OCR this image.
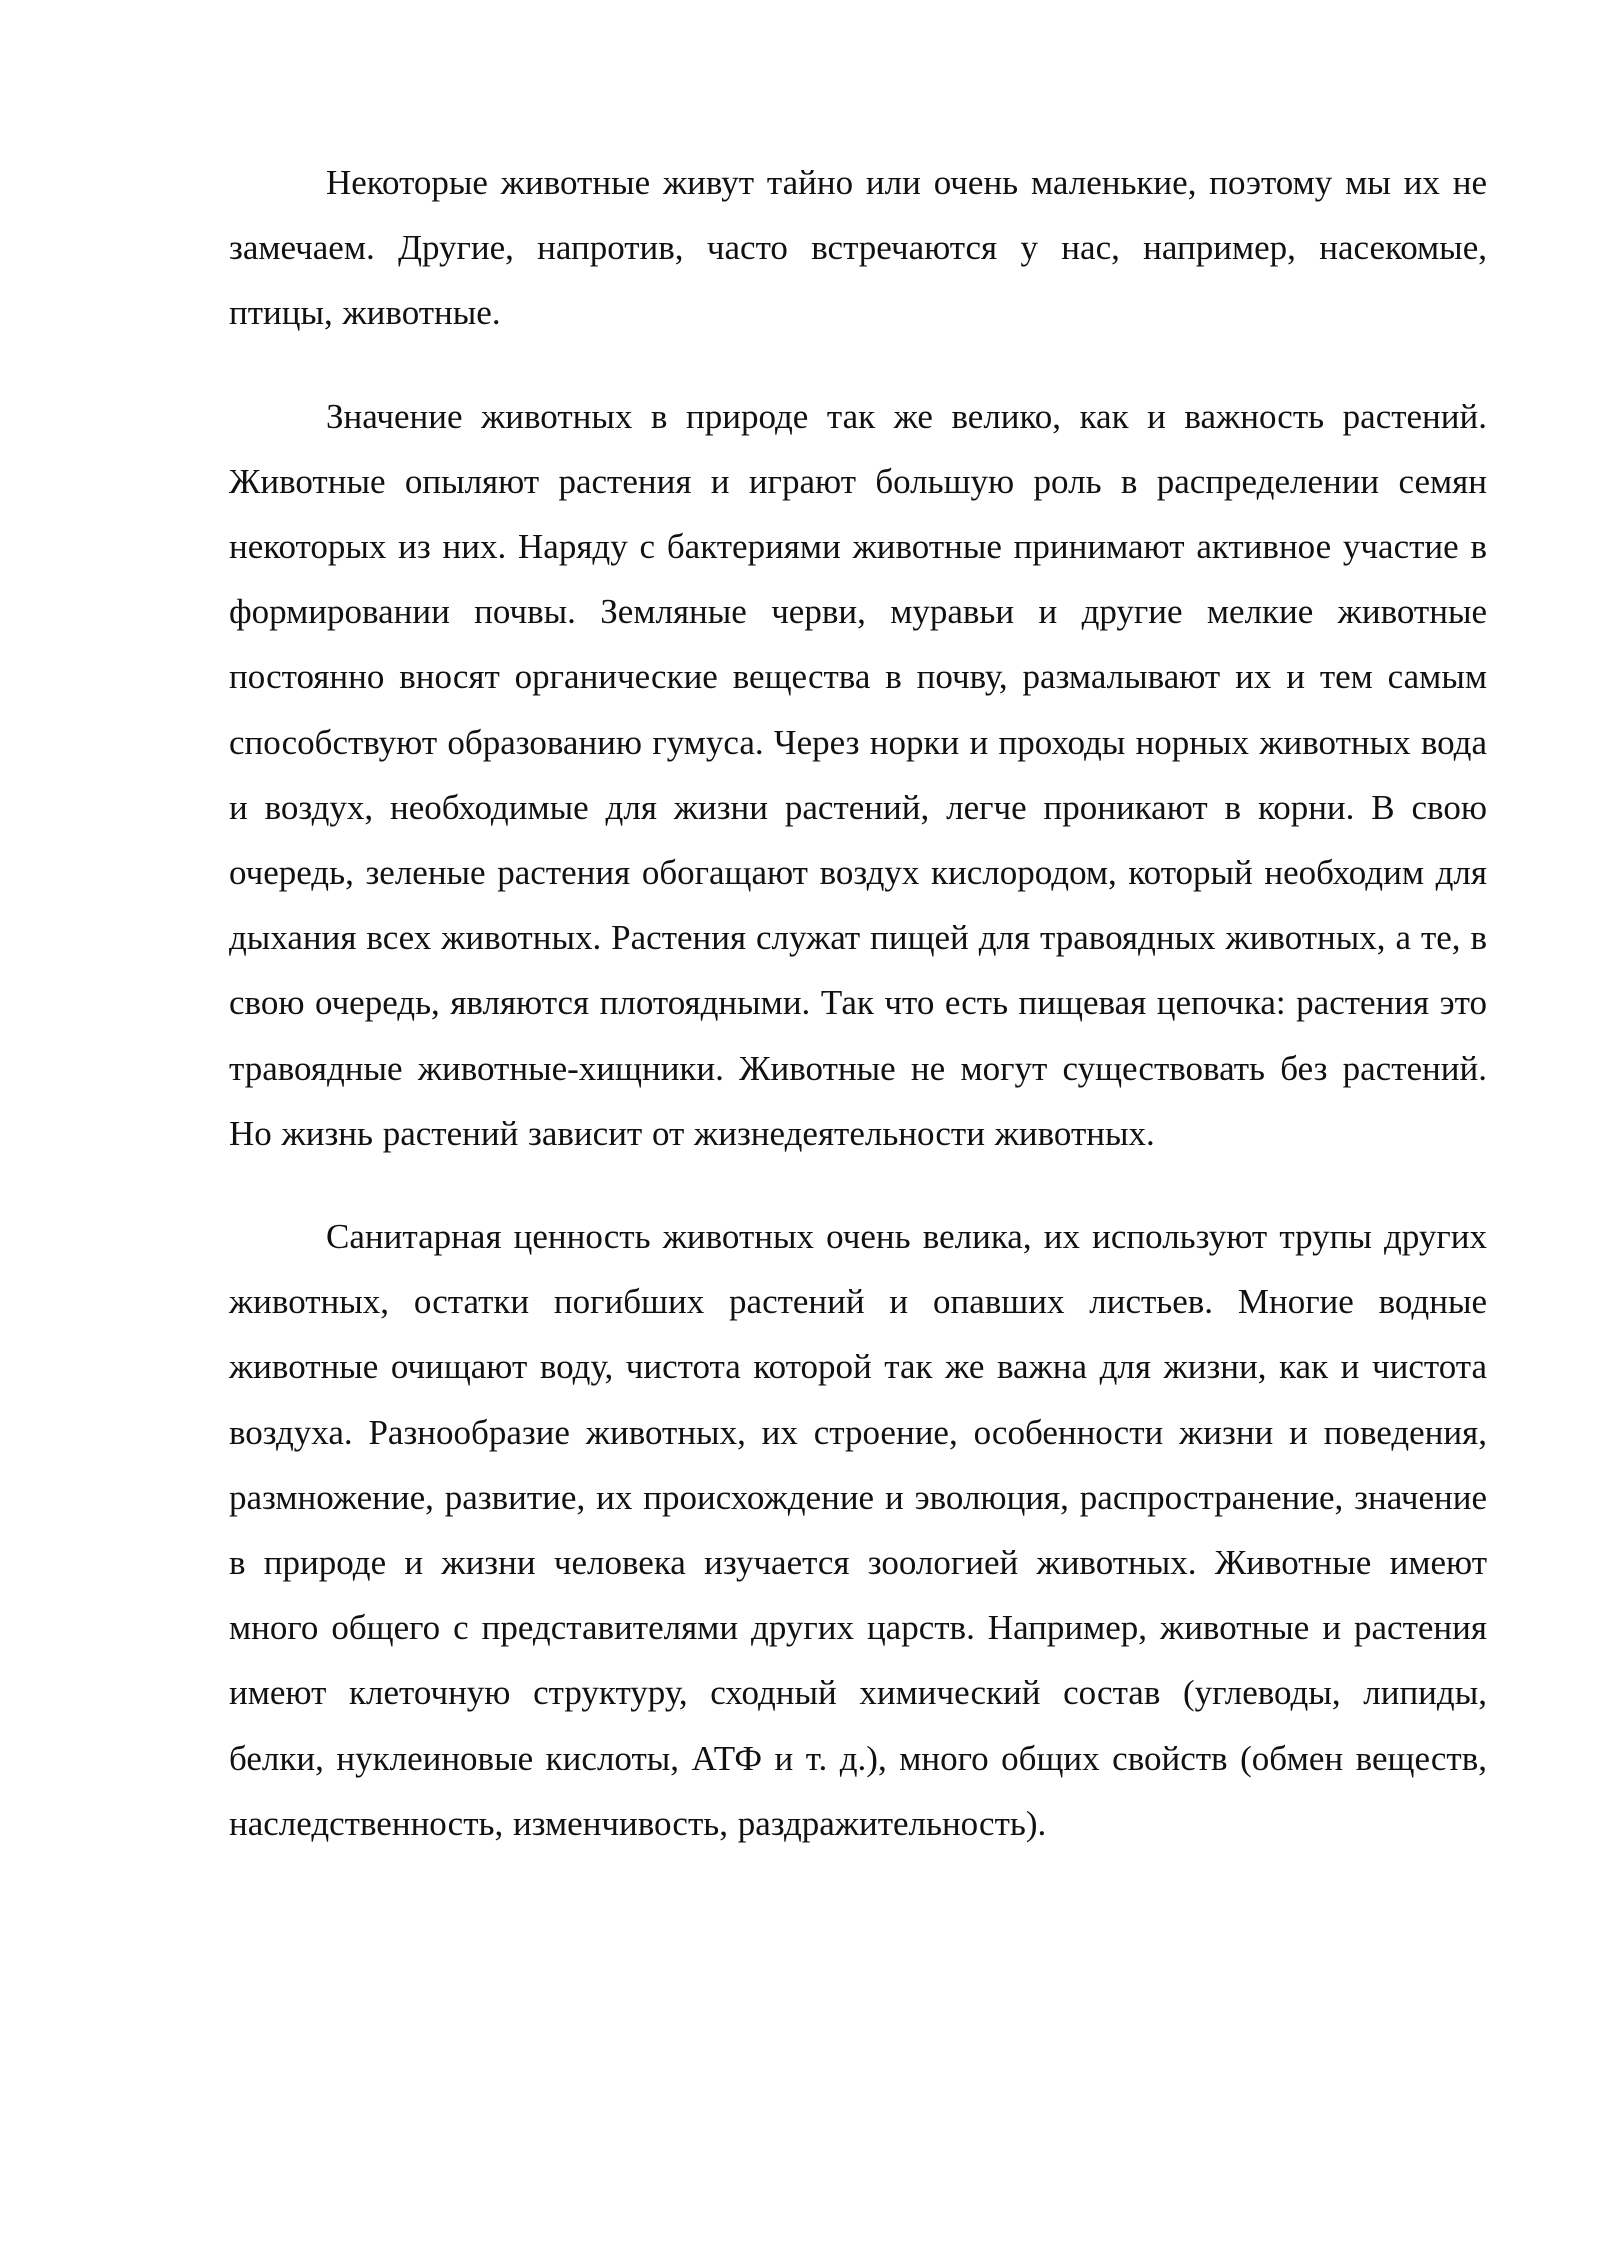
Некоторые животные живут тайно или очень маленькие, поэтому мы их не замечаем. Другие, напротив, часто встречаются у нас, например, насекомые, птицы, животные.

Значение животных в природе так же велико, как и важность растений. Животные опыляют растения и играют большую роль в распределении семян некоторых из них. Наряду с бактериями животные принимают активное участие в формировании почвы. Земляные черви, муравьи и другие мелкие животные постоянно вносят органические вещества в почву, размалывают их и тем самым способствуют образованию гумуса. Через норки и проходы норных животных вода и воздух, необходимые для жизни растений, легче проникают в корни. В свою очередь, зеленые растения обогащают воздух кислородом, который необходим для дыхания всех животных. Растения служат пищей для травоядных животных, а те, в свою очередь, являются плотоядными. Так что есть пищевая цепочка: растения это травоядные животные-хищники. Животные не могут существовать без растений. Но жизнь растений зависит от жизнедеятельности животных.

Санитарная ценность животных очень велика, их используют трупы других животных, остатки погибших растений и опавших листьев. Многие водные животные очищают воду, чистота которой так же важна для жизни, как и чистота воздуха. Разнообразие животных, их строение, особенности жизни и поведения, размножение, развитие, их происхождение и эволюция, распространение, значение в природе и жизни человека изучается зоологией животных. Животные имеют много общего с представителями других царств. Например, животные и растения имеют клеточную структуру, сходный химический состав (углеводы, липиды, белки, нуклеиновые кислоты, АТФ и т. д.), много общих свойств (обмен веществ, наследственность, изменчивость, раздражительность).
